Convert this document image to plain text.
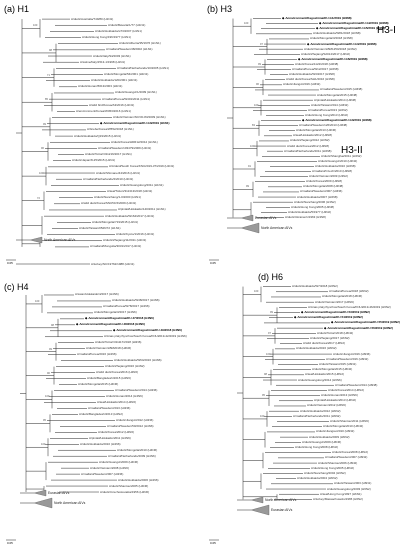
(a) H1
A/duck/Australia/749/80 (H1N1)
A/duck/Bavaria/1/77 (H1N1)
A/duck/Hokkaido/w73/2007 (H1N1)
A/duck/Hong Kong/196/1977 (H1N1)
A/duck/Alberta/35/1976 (H1N1)
A/mallard/Sweden/48/2002 (H1N1)
A/duck/Italy/94/2003 (H1N1)
A/swine/Italy/1513-1/1998 (H1N1)
A/mallard/Netherlands/10/2005 (H1N1)
A/duck/Mongolia/54/2001 (H1N1)
A/duck/Hokkaido/120/2001 (H1N1)
A/duck/Hunan/5613/2003 (H1N1)
A/duck/Guangxi/1/2009 (H1N1)
A/mallard/Korea/W401/2011 (H1N1)
A/wild bird/Korea/A3/2016 (H1N1)
A/environment/Korea/W453/2016 (H1N1)
A/duck/Vietnam/NCVD-83/2009 (H1N1)
◆ A/environment/Kagoshima/KU-G3/2019 (H1N1)
A/Grebe/Korea/W552/2018 (H1N1)
A/duck/Hokkaido/Q19/2015 (H1N1)
A/duck/Korea/HDR12/2012 (H1N1)
A/mallard/Sweden/103479/2009 (H1N1)
A/duck/Tottori/311216/2017 (H1N1)
A/duck/Japan/8-25/2015 (H1N1)
A/Ardeid/South Korea/KNU2019-37/2019 (H1N1)
A/duck/Shimane/44/2016 (H1N1)
A/mallard/Netherlands/2/2010 (H1N1)
A/duck/Guangdong/2011 (H1N1)
A/teal/Tottori/311313/2018 (H1N1)
A/duck/Nanchang/1-0/2000 (H1N1)
A/wild duck/Korea/SNU50-5/2009 (H1N1)
A/pintail/Hokkaido/140/2011 (H1N1)
A/duck/Hokkaido/W164/2017 (H1N1)
A/duck/Mongolia/719/2015 (H1N1)
A/duck/Taiwan/0526/72 (H1N1)
A/duck/Kyoto/1/2016 (H1N1)
A/duck/Zhejiang/11/2011 (H1N1)
A/mallard/Mongolia/3031/2017 (H1N1)
100
98
71
85
99
96
100
72
A/turkey/NC/19762/1988 (H1N1)
North American AIVs
0.05
(b) H3
H3-I
H3-II
◆ A/environment/Kagoshima/KU-G1/2019 (H3N8)
◆ A/environment/Kagoshima/KU-G2/2019 (H3N8)
◆ A/environment/Kagoshima/KU-G5/2019 (H3N8)
A/duck/Hokkaido/W81/2018 (H3N8)
A/duck/Mongolia/3/2018 (H3N8)
◆ A/environment/Kagoshima/KU-G4/2019 (H3N6)
A/duck/Vietnam/LBM1250/2018 (H3N2)
A/duck/Zhejiang/S2014/2017 (H3N2)
◆ A/environment/Kagoshima/KU-G6/2019 (H3N8)
A/duck/Korea/1122/2018 (H3N8)
A/mallard/Korea/W12/2017 (H3N8)
A/duck/Hokkaido/W3/2017 (H3N8)
A/wild duck/Korea/SH1/2016 (H3N8)
A/duck/Jiangxi/2016 (H3N2)
A/mallard/Sweden/2015 (H3N8)
A/duck/Mongolia/2015 (H3N8)
A/pintail/Hokkaido/2014 (H3N8)
A/duck/Taiwan/2014 (H3N2)
A/mallard/Korea/2013 (H3N2)
A/duck/Hong Kong/2013 (H3N2)
◆ A/environment/Kagoshima/KU-G3/2019 (H3N8)
A/mallard/Sweden/126/2013 (H3N8)
A/duck/Mongolia/2013 (H3N6)
A/teal/Hokkaido/2012 (H3N8)
A/duck/Zhejiang/2012 (H3N2)
A/wild duck/Korea/2012 (H3N8)
A/mallard/Netherlands/2011 (H3N8)
A/duck/Shanghai/2011 (H3N2)
A/duck/Guangxi/2010 (H3N2)
A/duck/Hokkaido/2010 (H3N8)
A/mallard/Czech/2010 (H3N8)
A/duck/Vietnam/2009 (H3N2)
A/duck/Korea/2009 (H3N8)
A/duck/Mongolia/2008 (H3N8)
A/mallard/Sweden/2007 (H3N6)
A/duck/Hokkaido/2007 (H3N8)
A/duck/Nanchang/2006 (H3N2)
A/duck/Hong Kong/2005 (H3N8)
A/duck/Hokkaido/5/1977 (H3N2)
A/duck/Ukraine/1/1963 (H3N8)
100
97
99
96
100
83
100
91
99
Eurasian AIVs
North American AIVs
0.05
(c) H4
A/swan/Hokkaido/4/2017 (H4N6)
A/duck/Hokkaido/W48/2017 (H4N6)
A/mallard/Korea/W78/2017 (H4N6)
A/duck/Mongolia/3/2017 (H4N6)
◆ A/environment/Kagoshima/KU-47/2018 (H4N6)
◆ A/environment/Kagoshima/KU-48/2018 (H4N6)
◆ A/environment/Kagoshima/KU-49/2018 (H4N6)
A/Anas platyrhynchos/South Korea/KNU2019-42/2019 (H4N6)
A/duck/Tottori/311117/2018 (H4N6)
A/duck/Vietnam/LBM2018 (H4N6)
A/mallard/Korea/2016 (H4N6)
A/duck/Hokkaido/W64/2016 (H4N6)
A/duck/Zhejiang/2016 (H4N2)
A/wild duck/Korea/2016 (H4N6)
A/duck/Bangladesh/2015 (H4N6)
A/duck/Mongolia/2015 (H4N6)
A/mallard/Sweden/2014 (H4N6)
A/duck/Hunan/2014 (H4N6)
A/teal/Hokkaido/2014 (H4N6)
A/mallard/Sweden/2013 (H4N6)
A/duck/Bangladesh/2013 (H4N2)
A/duck/Jiangxi/2012 (H4N6)
A/mallard/Sweden/50/2012 (H4N6)
A/duck/Korea/2012 (H4N6)
A/pintail/Hokkaido/2011 (H4N6)
A/duck/Hokkaido/2010 (H4N6)
A/duck/Mongolia/2010 (H4N6)
A/mallard/Netherlands/2009 (H4N6)
A/duck/Guangxi/2009 (H4N6)
A/duck/Vietnam/2008 (H4N6)
A/mallard/Sweden/2007 (H4N6)
A/duck/Hokkaido/2006 (H4N6)
A/duck/Shantou/2005 (H4N6)
A/duck/Czechoslovakia/1956 (H4N6)
100
98
99
90
100
95
100
Eurasian AIVs
North American AIVs
0.05
(d) H6
A/duck/Hokkaido/W7/2018 (H6N2)
A/mallard/Korea/2018 (H6N2)
A/duck/Mongolia/2018 (H6N6)
A/duck/Vietnam/2017 (H6N6)
A/Anas platyrhynchos/South Korea/KNU2019-46/2019 (H6N2)
◆ A/environment/Kagoshima/KU-53/2019 (H6N2)
◆ A/environment/Kagoshima/KU-54/2019 (H6N2)
◆ A/environment/Kagoshima/KU-55/2019 (H6N2)
◆ A/environment/Kagoshima/KU-56/2019 (H6N2)
A/duck/Tottori/2018 (H6N2)
A/duck/Zhejiang/2017 (H6N2)
A/wild duck/Korea/2017 (H6N2)
A/duck/Hokkaido/2016 (H6N2)
A/duck/Jiangxi/2016 (H6N6)
A/mallard/Sweden/2016 (H6N2)
A/duck/Taiwan/2015 (H6N1)
A/duck/Mongolia/2015 (H6N2)
A/teal/Hokkaido/2015 (H6N2)
A/duck/Guangdong/2014 (H6N6)
A/mallard/Sweden/2014 (H6N8)
A/duck/Korea/2014 (H6N2)
A/duck/Hunan/2013 (H6N6)
A/pintail/Hokkaido/2013 (H6N2)
A/duck/Vietnam/2012 (H6N6)
A/duck/Hokkaido/2012 (H6N2)
A/mallard/Netherlands/2011 (H6N2)
A/duck/Shantou/2011 (H6N6)
A/duck/Mongolia/2010 (H6N2)
A/duck/Jiangsu/2010 (H6N2)
A/duck/Hokkaido/2009 (H6N2)
A/duck/Guangxi/2009 (H6N6)
A/duck/Hong Kong/2008 (H6N2)
A/duck/Korea/2008 (H6N2)
A/mallard/Sweden/2007 (H6N2)
A/duck/Shantou/2006 (H6N2)
A/duck/Hong Kong/2005 (H6N2)
A/duck/Nanchang/2004 (H6N2)
A/duck/Hokkaido/2004 (H6N2)
A/duck/Taiwan/2003 (H6N1)
A/duck/Guangdong/2003 (H6N2)
A/teal/Hong Kong/1997 (H6N1)
A/turkey/Massachusetts/1965 (H6N2)
100
99
97
100
98
95
100
North American AIVs
Eurasian AIVs
0.05
